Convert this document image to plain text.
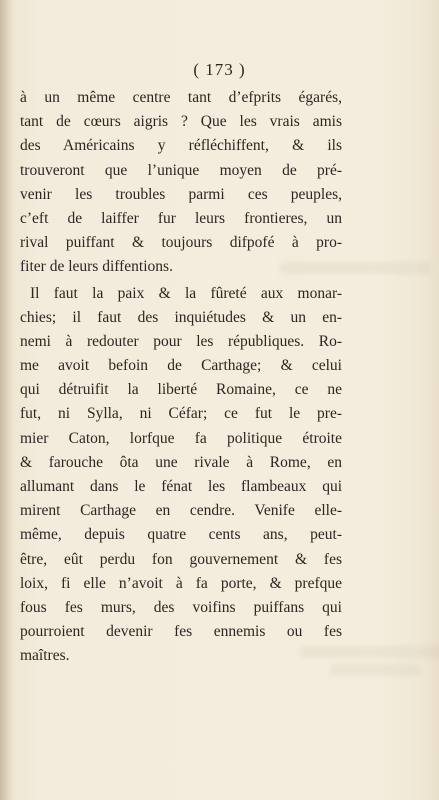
( 173 )
à un même centre tant d’efprits égarés,
tant de cœurs aigris ? Que les vrais amis
des Américains y réfléchiffent, & ils
trouveront que l’unique moyen de pré-
venir les troubles parmi ces peuples,
c’eft de laiffer fur leurs frontieres, un
rival puiffant & toujours difpofé à pro-
fiter de leurs diffentions.
Il faut la paix & la fûreté aux monar-
chies; il faut des inquiétudes & un en-
nemi à redouter pour les républiques. Ro-
me avoit befoin de Carthage; & celui
qui détruifit la liberté Romaine, ce ne
fut, ni Sylla, ni Céfar; ce fut le pre-
mier Caton, lorfque fa politique étroite
& farouche ôta une rivale à Rome, en
allumant dans le fénat les flambeaux qui
mirent Carthage en cendre. Venife elle-
même, depuis quatre cents ans, peut-
être, eût perdu fon gouvernement & fes
loix, fi elle n’avoit à fa porte, & prefque
fous fes murs, des voifins puiffans qui
pourroient devenir fes ennemis ou fes
maîtres.
